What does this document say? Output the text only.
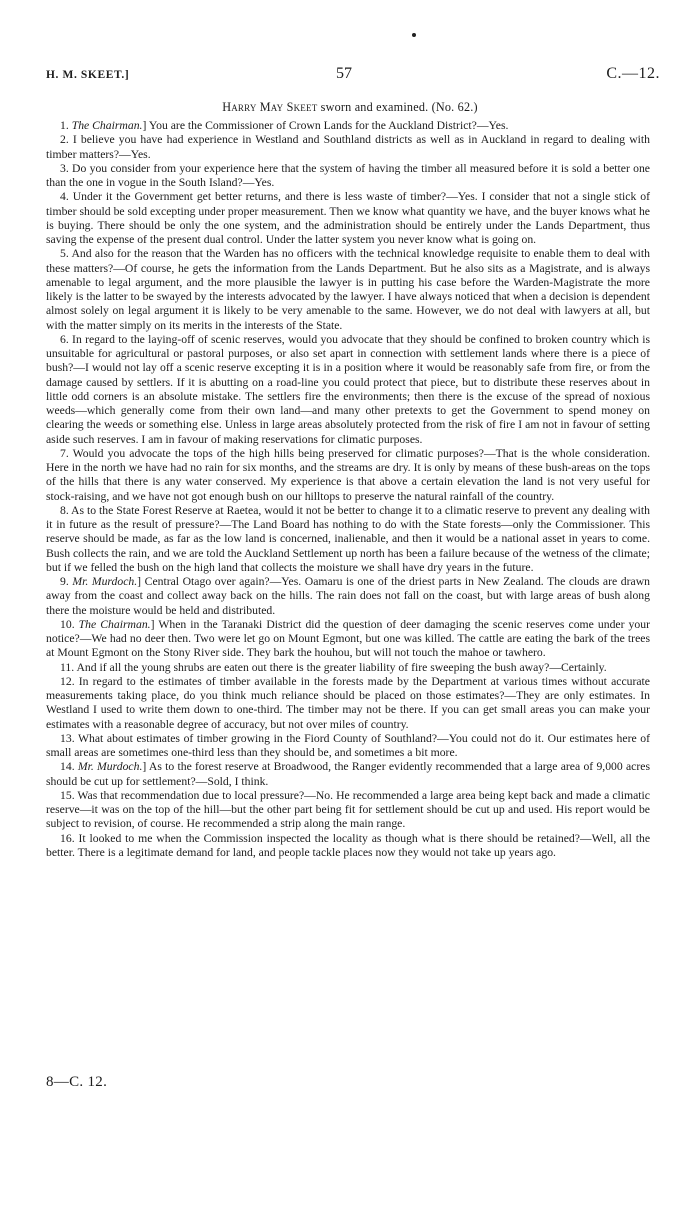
H. M. SKEET.]	57	C.—12.
Harry May Skeet sworn and examined. (No. 62.)

1. The Chairman.] You are the Commissioner of Crown Lands for the Auckland District?—Yes.

2. I believe you have had experience in Westland and Southland districts as well as in Auckland in regard to dealing with timber matters?—Yes.

3. Do you consider from your experience here that the system of having the timber all measured before it is sold a better one than the one in vogue in the South Island?—Yes.

4. Under it the Government get better returns, and there is less waste of timber?—Yes. I consider that not a single stick of timber should be sold excepting under proper measurement. Then we know what quantity we have, and the buyer knows what he is buying. There should be only the one system, and the administration should be entirely under the Lands Department, thus saving the expense of the present dual control. Under the latter system you never know what is going on.

5. And also for the reason that the Warden has no officers with the technical knowledge requisite to enable them to deal with these matters?—Of course, he gets the information from the Lands Department. But he also sits as a Magistrate, and is always amenable to legal argument, and the more plausible the lawyer is in putting his case before the Warden-Magistrate the more likely is the latter to be swayed by the interests advocated by the lawyer. I have always noticed that when a decision is dependent almost solely on legal argument it is likely to be very amenable to the same. However, we do not deal with lawyers at all, but with the matter simply on its merits in the interests of the State.

6. In regard to the laying-off of scenic reserves, would you advocate that they should be confined to broken country which is unsuitable for agricultural or pastoral purposes, or also set apart in connection with settlement lands where there is a piece of bush?—I would not lay off a scenic reserve excepting it is in a position where it would be reasonably safe from fire, or from the damage caused by settlers. If it is abutting on a road-line you could protect that piece, but to distribute these reserves about in little odd corners is an absolute mistake. The settlers fire the environments; then there is the excuse of the spread of noxious weeds—which generally come from their own land—and many other pretexts to get the Government to spend money on clearing the weeds or something else. Unless in large areas absolutely protected from the risk of fire I am not in favour of setting aside such reserves. I am in favour of making reservations for climatic purposes.

7. Would you advocate the tops of the high hills being preserved for climatic purposes?—That is the whole consideration. Here in the north we have had no rain for six months, and the streams are dry. It is only by means of these bush-areas on the tops of the hills that there is any water conserved. My experience is that above a certain elevation the land is not very useful for stock-raising, and we have not got enough bush on our hilltops to preserve the natural rainfall of the country.

8. As to the State Forest Reserve at Raetea, would it not be better to change it to a climatic reserve to prevent any dealing with it in future as the result of pressure?—The Land Board has nothing to do with the State forests—only the Commissioner. This reserve should be made, as far as the low land is concerned, inalienable, and then it would be a national asset in years to come. Bush collects the rain, and we are told the Auckland Settlement up north has been a failure because of the wetness of the climate; but if we felled the bush on the high land that collects the moisture we shall have dry years in the future.

9. Mr. Murdoch.] Central Otago over again?—Yes. Oamaru is one of the driest parts in New Zealand. The clouds are drawn away from the coast and collect away back on the hills. The rain does not fall on the coast, but with large areas of bush along there the moisture would be held and distributed.

10. The Chairman.] When in the Taranaki District did the question of deer damaging the scenic reserves come under your notice?—We had no deer then. Two were let go on Mount Egmont, but one was killed. The cattle are eating the bark of the trees at Mount Egmont on the Stony River side. They bark the houhou, but will not touch the mahoe or tawhero.

11. And if all the young shrubs are eaten out there is the greater liability of fire sweeping the bush away?—Certainly.

12. In regard to the estimates of timber available in the forests made by the Department at various times without accurate measurements taking place, do you think much reliance should be placed on those estimates?—They are only estimates. In Westland I used to write them down to one-third. The timber may not be there. If you can get small areas you can make your estimates with a reasonable degree of accuracy, but not over miles of country.

13. What about estimates of timber growing in the Fiord County of Southland?—You could not do it. Our estimates here of small areas are sometimes one-third less than they should be, and sometimes a bit more.

14. Mr. Murdoch.] As to the forest reserve at Broadwood, the Ranger evidently recommended that a large area of 9,000 acres should be cut up for settlement?—Sold, I think.

15. Was that recommendation due to local pressure?—No. He recommended a large area being kept back and made a climatic reserve—it was on the top of the hill—but the other part being fit for settlement should be cut up and used. His report would be subject to revision, of course. He recommended a strip along the main range.

16. It looked to me when the Commission inspected the locality as though what is there should be retained?—Well, all the better. There is a legitimate demand for land, and people tackle places now they would not take up years ago.

8—C. 12.
